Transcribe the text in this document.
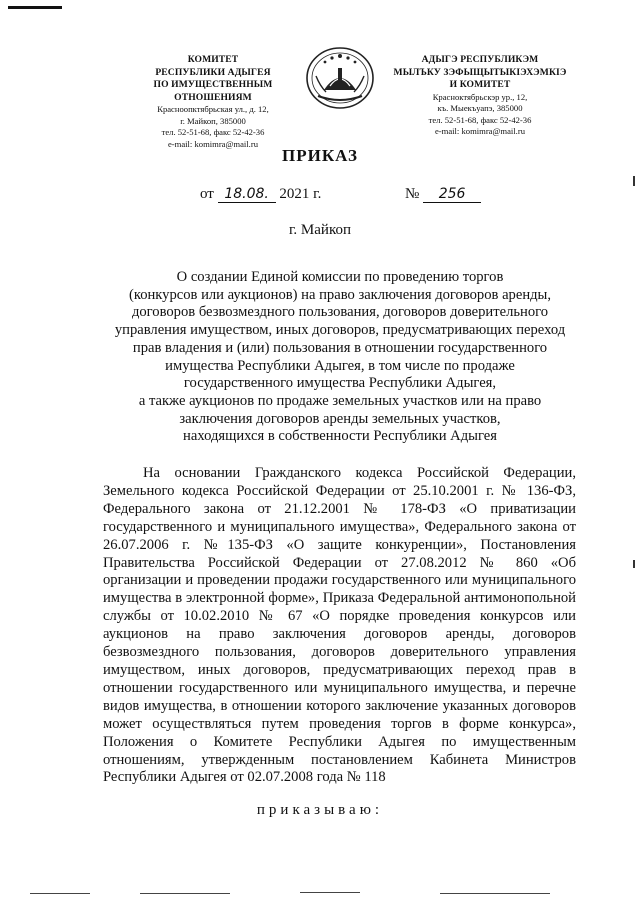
КОМИТЕТ
РЕСПУБЛИКИ АДЫГЕЯ
ПО ИМУЩЕСТВЕННЫМ ОТНОШЕНИЯМ
Красноопктябрьская ул., д. 12,
г. Майкоп, 385000
тел. 52-51-68, факс 52-42-36
e-mail: komimra@mail.ru
АДЫГЭ РЕСПУБЛИКЭМ
МЫЛЪКУ ЗЭФЫЩЫТЫКIЭХЭМКIЭ
И КОМИТЕТ
Красноктябрьскэр ур., 12,
къ. Мыекъуапэ, 385000
тел. 52-51-68, факс 52-42-36
e-mail: komimra@mail.ru
ПРИКАЗ
от 18.08. 2021 г.	№ 256
г. Майкоп
О создании Единой комиссии по проведению торгов
(конкурсов или аукционов) на право заключения договоров аренды,
договоров безвозмездного пользования, договоров доверительного
управления имуществом, иных договоров, предусматривающих переход
прав владения и (или) пользования в отношении государственного
имущества Республики Адыгея, в том числе по продаже
государственного имущества Республики Адыгея,
а также аукционов по продаже земельных участков или на право
заключения договоров аренды земельных участков,
находящихся в собственности Республики Адыгея
На основании Гражданского кодекса Российской Федерации, Земельного кодекса Российской Федерации от 25.10.2001 г. № 136-ФЗ, Федерального закона от 21.12.2001 № 178-ФЗ «О приватизации государственного и муниципального имущества», Федерального закона от 26.07.2006 г. №135-ФЗ «О защите конкуренции», Постановления Правительства Российской Федерации от 27.08.2012 № 860 «Об организации и проведении продажи государственного или муниципального имущества в электронной форме», Приказа Федеральной антимонопольной службы от 10.02.2010 № 67 «О порядке проведения конкурсов или аукционов на право заключения договоров аренды, договоров безвозмездного пользования, договоров доверительного управления имуществом, иных договоров, предусматривающих переход прав в отношении государственного или муниципального имущества, и перечне видов имущества, в отношении которого заключение указанных договоров может осуществляться путем проведения торгов в форме конкурса», Положения о Комитете Республики Адыгея по имущественным отношениям, утвержденным постановлением Кабинета Министров Республики Адыгея от 02.07.2008 года № 118
приказываю:
